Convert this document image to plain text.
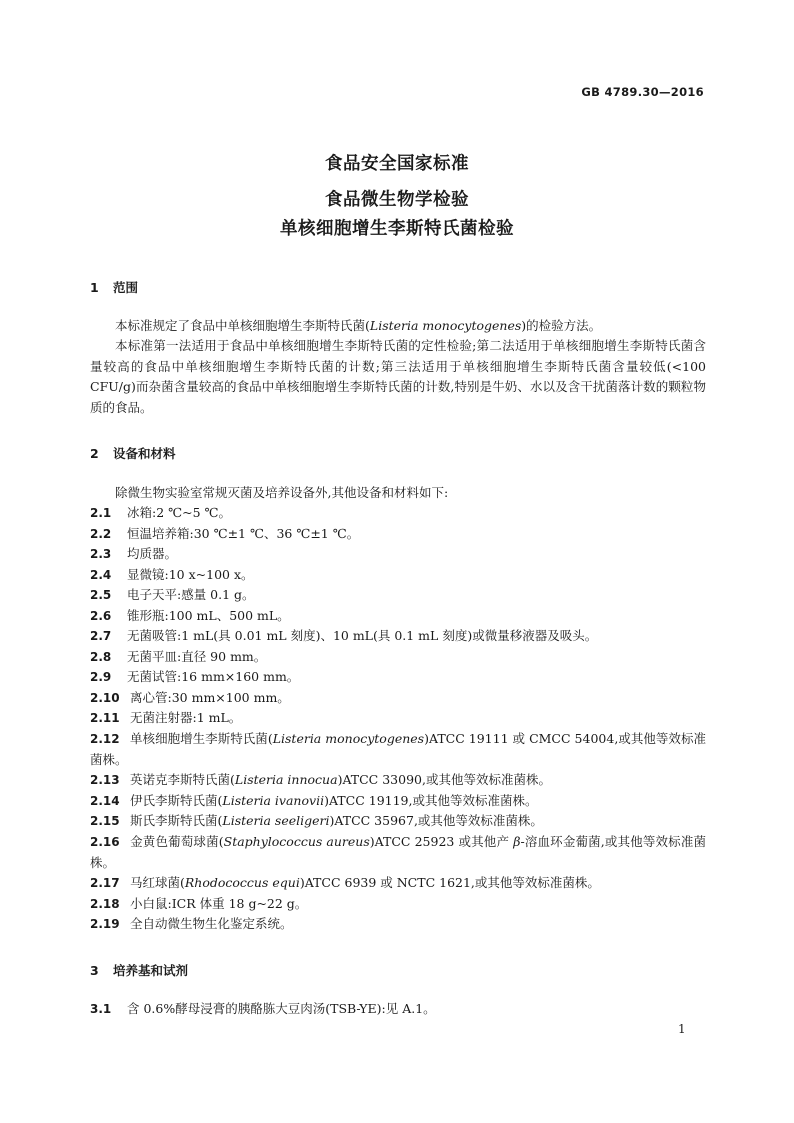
GB 4789.30—2016
食品安全国家标准
食品微生物学检验
单核细胞增生李斯特氏菌检验
1 范围
本标准规定了食品中单核细胞增生李斯特氏菌(Listeria monocytogenes)的检验方法。
本标准第一法适用于食品中单核细胞增生李斯特氏菌的定性检验;第二法适用于单核细胞增生李斯特氏菌含量较高的食品中单核细胞增生李斯特氏菌的计数;第三法适用于单核细胞增生李斯特氏菌含量较低(<100 CFU/g)而杂菌含量较高的食品中单核细胞增生李斯特氏菌的计数,特别是牛奶、水以及含干扰菌落计数的颗粒物质的食品。
2 设备和材料
除微生物实验室常规灭菌及培养设备外,其他设备和材料如下:
2.1 冰箱:2 ℃~5 ℃。
2.2 恒温培养箱:30 ℃±1 ℃、36 ℃±1 ℃。
2.3 均质器。
2.4 显微镜:10 x~100 x。
2.5 电子天平:感量 0.1 g。
2.6 锥形瓶:100 mL、500 mL。
2.7 无菌吸管:1 mL(具 0.01 mL 刻度)、10 mL(具 0.1 mL 刻度)或微量移液器及吸头。
2.8 无菌平皿:直径 90 mm。
2.9 无菌试管:16 mm×160 mm。
2.10 离心管:30 mm×100 mm。
2.11 无菌注射器:1 mL。
2.12 单核细胞增生李斯特氏菌(Listeria monocytogenes)ATCC 19111 或 CMCC 54004,或其他等效标准菌株。
2.13 英诺克李斯特氏菌(Listeria innocua)ATCC 33090,或其他等效标准菌株。
2.14 伊氏李斯特氏菌(Listeria ivanovii)ATCC 19119,或其他等效标准菌株。
2.15 斯氏李斯特氏菌(Listeria seeligeri)ATCC 35967,或其他等效标准菌株。
2.16 金黄色葡萄球菌(Staphylococcus aureus)ATCC 25923 或其他产 β-溶血环金葡菌,或其他等效标准菌株。
2.17 马红球菌(Rhodococcus equi)ATCC 6939 或 NCTC 1621,或其他等效标准菌株。
2.18 小白鼠:ICR 体重 18 g~22 g。
2.19 全自动微生物生化鉴定系统。
3 培养基和试剂
3.1 含 0.6%酵母浸膏的胰酪胨大豆肉汤(TSB-YE):见 A.1。
1
